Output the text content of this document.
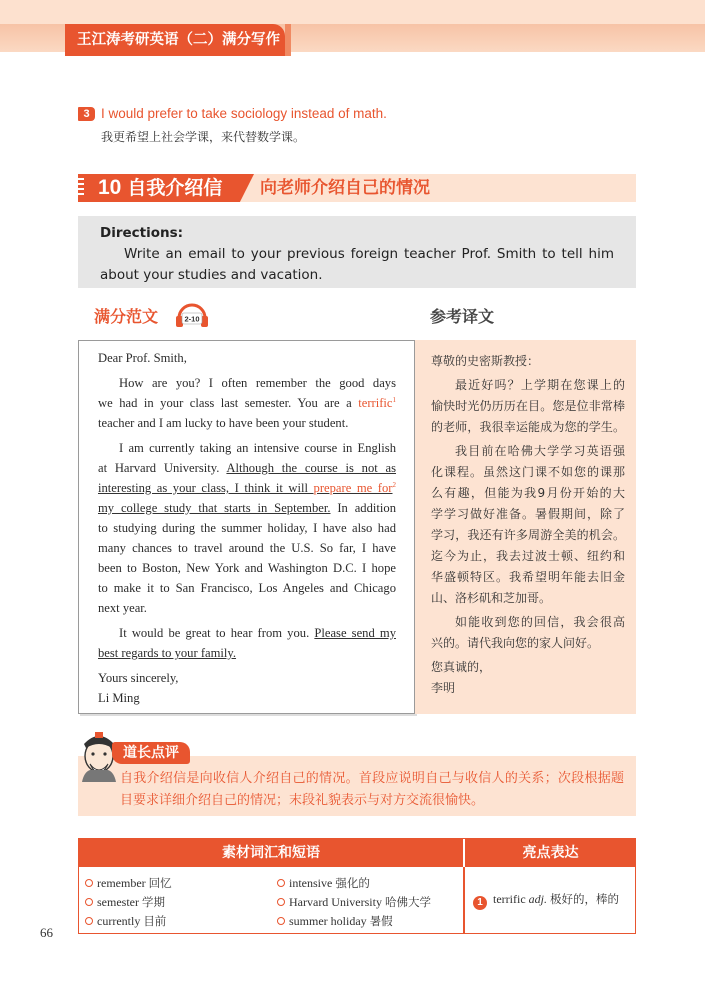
王江涛考研英语（二）满分写作
3 I would prefer to take sociology instead of math.
我更希望上社会学课，来代替数学课。
10 自我介绍信 向老师介绍自己的情况
Directions:
Write an email to your previous foreign teacher Prof. Smith to tell him
about your studies and vacation.
满分范文	2-10	参考译文
Dear Prof. Smith,
How are you? I often remember the good days
we had in your class last semester. You are a terrific$^1$
teacher and I am lucky to have been your student.
I am currently taking an intensive course in English
at Harvard University. Although the course is not as
interesting as your class, I think it will prepare me for$^2$
my college study that starts in September. In addition
to studying during the summer holiday, I have also had
many chances to travel around the U.S. So far, I have
been to Boston, New York and Washington D.C. I hope
to make it to San Francisco, Los Angeles and Chicago
next year.
It would be great to hear from you. Please send my
best regards to your family.
Yours sincerely,
Li Ming
尊敬的史密斯教授：
最近好吗？上学期在您课上的
愉快时光仍历历在目。您是位非常棒
的老师，我很幸运能成为您的学生。
我目前在哈佛大学学习英语强
化课程。虽然这门课不如您的课那
么有趣，但能为我9月份开始的大
学学习做好准备。暑假期间，除了
学习，我还有许多周游全美的机会。
迄今为止，我去过波士顿、纽约和
华盛顿特区。我希望明年能去旧金
山、洛杉矶和芝加哥。
如能收到您的回信，我会很高
兴的。请代我向您的家人问好。
您真诚的，
李明
自我介绍信是向收信人介绍自己的情况。首段应说明自己与收信人的关系；次段根据题目要求详细介绍自己的情况；末段礼貌表示与对方交流很愉快。
道长点评
素材词汇和短语	亮点表达
remember 回忆	intensive 强化的
semester 学期	Harvard University 哈佛大学
currently 目前	summer holiday 暑假
1 terrific adj. 极好的，棒的
66
